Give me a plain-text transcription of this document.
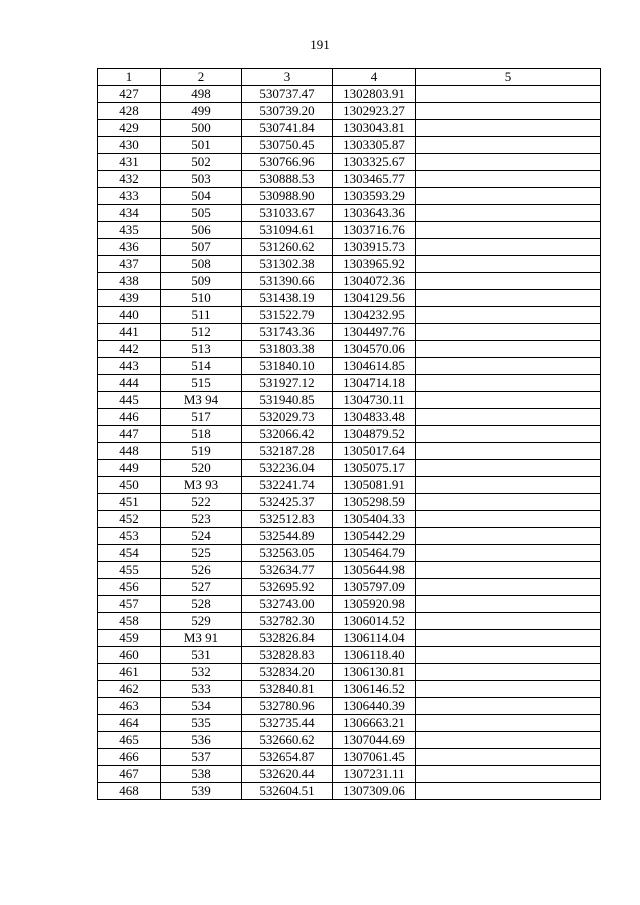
191
1	2	3	4	5
427	498	530737.47	1302803.91	
428	499	530739.20	1302923.27	
429	500	530741.84	1303043.81	
430	501	530750.45	1303305.87	
431	502	530766.96	1303325.67	
432	503	530888.53	1303465.77	
433	504	530988.90	1303593.29	
434	505	531033.67	1303643.36	
435	506	531094.61	1303716.76	
436	507	531260.62	1303915.73	
437	508	531302.38	1303965.92	
438	509	531390.66	1304072.36	
439	510	531438.19	1304129.56	
440	511	531522.79	1304232.95	
441	512	531743.36	1304497.76	
442	513	531803.38	1304570.06	
443	514	531840.10	1304614.85	
444	515	531927.12	1304714.18	
445	МЗ 94	531940.85	1304730.11	
446	517	532029.73	1304833.48	
447	518	532066.42	1304879.52	
448	519	532187.28	1305017.64	
449	520	532236.04	1305075.17	
450	МЗ 93	532241.74	1305081.91	
451	522	532425.37	1305298.59	
452	523	532512.83	1305404.33	
453	524	532544.89	1305442.29	
454	525	532563.05	1305464.79	
455	526	532634.77	1305644.98	
456	527	532695.92	1305797.09	
457	528	532743.00	1305920.98	
458	529	532782.30	1306014.52	
459	МЗ 91	532826.84	1306114.04	
460	531	532828.83	1306118.40	
461	532	532834.20	1306130.81	
462	533	532840.81	1306146.52	
463	534	532780.96	1306440.39	
464	535	532735.44	1306663.21	
465	536	532660.62	1307044.69	
466	537	532654.87	1307061.45	
467	538	532620.44	1307231.11	
468	539	532604.51	1307309.06	
